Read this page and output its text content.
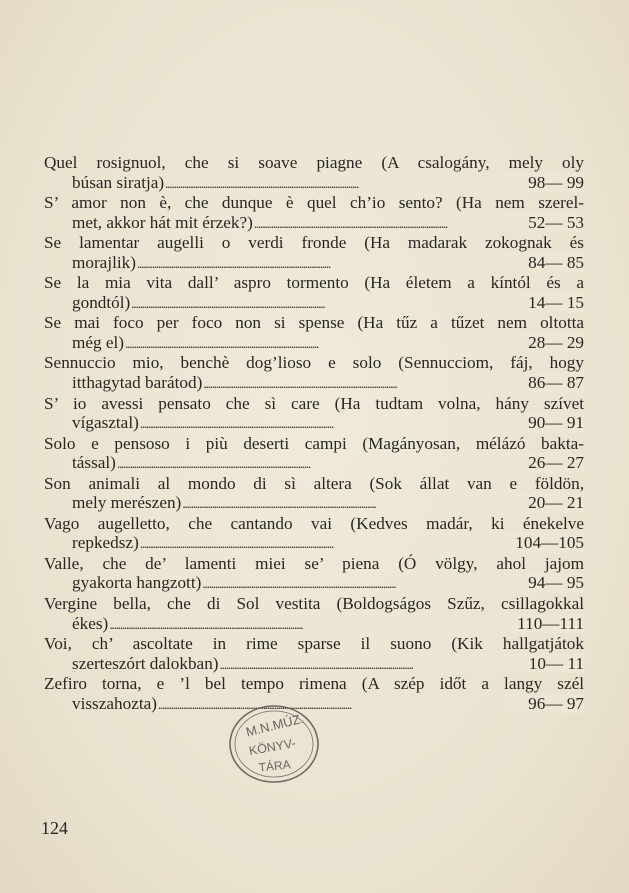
Quel rosignuol, che si soave piagne (A csalogány, mely oly
búsan siratja) . . .	98— 99
S’ amor non è, che dunque è quel ch’io sento? (Ha nem szerel-
met, akkor hát mit érzek?) . . .	52— 53
Se lamentar augelli o verdi fronde (Ha madarak zokognak és
morajlik) . . .	84— 85
Se la mia vita dall’ aspro tormento (Ha életem a kíntól és a
gondtól) . . .	14— 15
Se mai foco per foco non si spense (Ha tűz a tűzet nem oltotta
még el) . . .	28— 29
Sennuccio mio, benchè dog’lioso e solo (Sennucciom, fáj, hogy
itthagytad barátod) . . .	86— 87
S’ io avessi pensato che sì care (Ha tudtam volna, hány szívet
vígasztal) . . .	90— 91
Solo e pensoso i più deserti campi (Magányosan, mélázó bakta-
tással) . . .	26— 27
Son animali al mondo di sì altera (Sok állat van e földön,
mely merészen) . . .	20— 21
Vago augelletto, che cantando vai (Kedves madár, ki énekelve
repkedsz) . . .	104—105
Valle, che de’ lamenti miei se’ piena (Ó völgy, ahol jajom
gyakorta hangzott) . . .	94— 95
Vergine bella, che di Sol vestita (Boldogságos Szűz, csillagokkal
ékes) . . .	110—111
Voi, ch’ ascoltate in rime sparse il suono (Kik hallgatjátok
szerteszórt dalokban) . . .	10— 11
Zefiro torna, e ’l bel tempo rimena (A szép időt a langy szél
visszahozta) . . .	96— 97
M.N.MÚZ.
KÖNYV-
TÁRA
124
